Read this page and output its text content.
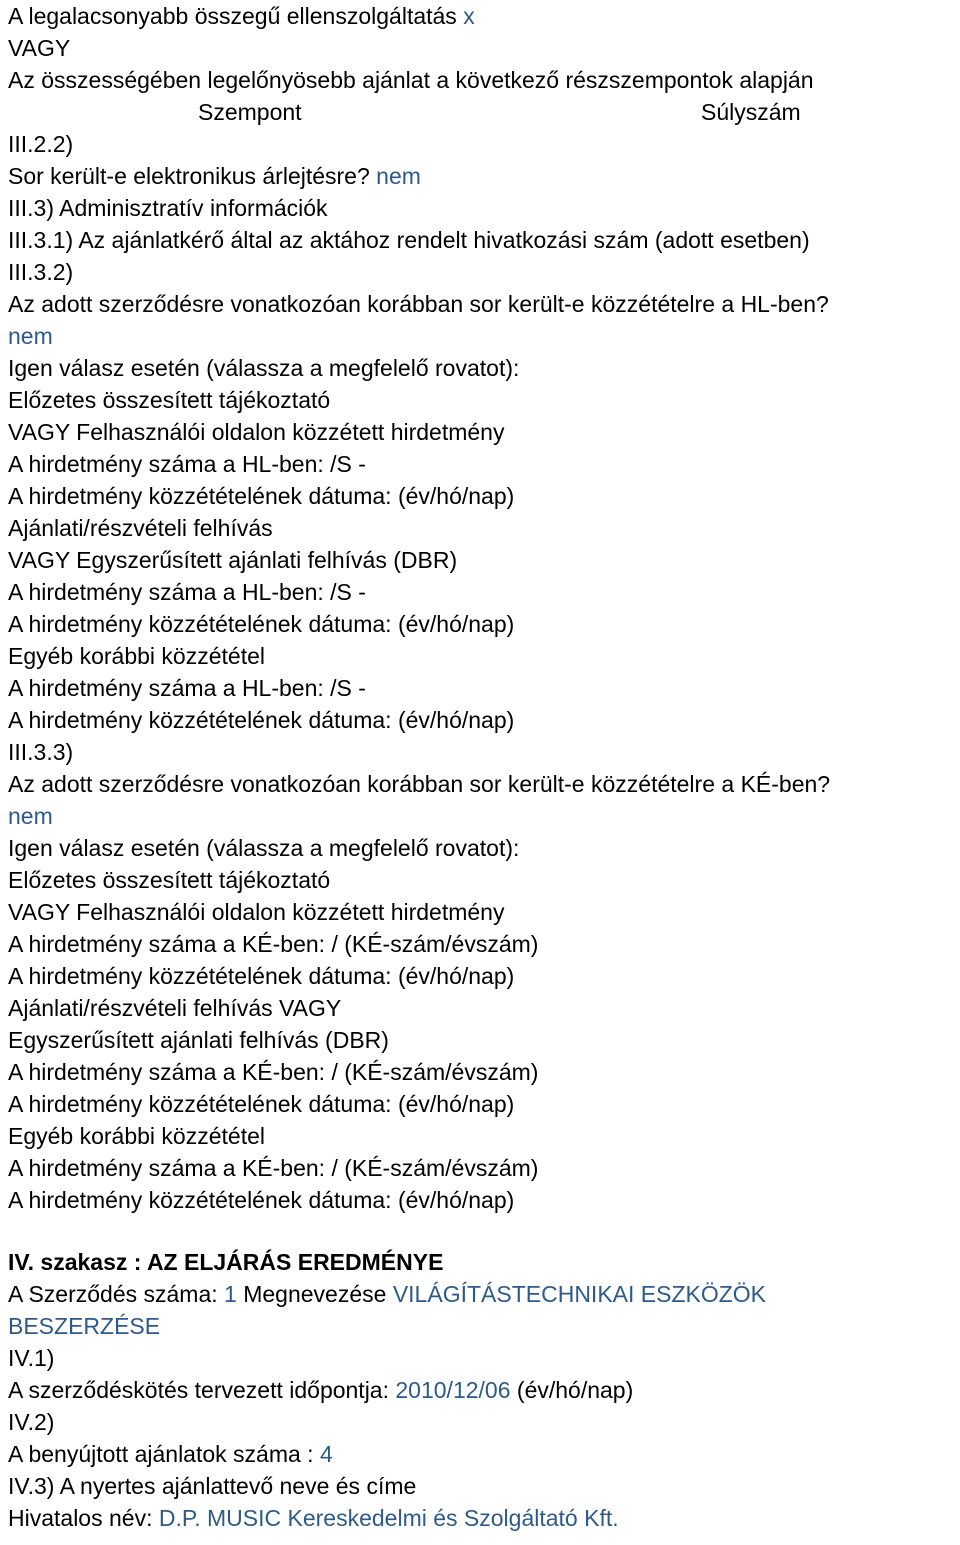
A legalacsonyabb összegű ellenszolgáltatás x
VAGY
Az összességében legelőnyösebb ajánlat a következő részszempontok alapján
Szempont	Súlyszám
III.2.2)
Sor került-e elektronikus árlejtésre? nem
III.3) Adminisztratív információk
III.3.1) Az ajánlatkérő által az aktához rendelt hivatkozási szám (adott esetben)
III.3.2)
Az adott szerződésre vonatkozóan korábban sor került-e közzétételre a HL-ben?
nem
Igen válasz esetén (válassza a megfelelő rovatot):
Előzetes összesített tájékoztató
VAGY Felhasználói oldalon közzétett hirdetmény
A hirdetmény száma a HL-ben: /S -
A hirdetmény közzétételének dátuma: (év/hó/nap)
Ajánlati/részvételi felhívás
VAGY Egyszerűsített ajánlati felhívás (DBR)
A hirdetmény száma a HL-ben: /S -
A hirdetmény közzétételének dátuma: (év/hó/nap)
Egyéb korábbi közzététel
A hirdetmény száma a HL-ben: /S -
A hirdetmény közzétételének dátuma: (év/hó/nap)
III.3.3)
Az adott szerződésre vonatkozóan korábban sor került-e közzétételre a KÉ-ben?
nem
Igen válasz esetén (válassza a megfelelő rovatot):
Előzetes összesített tájékoztató
VAGY Felhasználói oldalon közzétett hirdetmény
A hirdetmény száma a KÉ-ben: / (KÉ-szám/évszám)
A hirdetmény közzétételének dátuma: (év/hó/nap)
Ajánlati/részvételi felhívás VAGY
Egyszerűsített ajánlati felhívás (DBR)
A hirdetmény száma a KÉ-ben: / (KÉ-szám/évszám)
A hirdetmény közzétételének dátuma: (év/hó/nap)
Egyéb korábbi közzététel
A hirdetmény száma a KÉ-ben: / (KÉ-szám/évszám)
A hirdetmény közzétételének dátuma: (év/hó/nap)
IV. szakasz : AZ ELJÁRÁS EREDMÉNYE
A Szerződés száma: 1 Megnevezése VILÁGÍTÁSTECHNIKAI ESZKÖZÖK BESZERZÉSE
IV.1)
A szerződéskötés tervezett időpontja: 2010/12/06 (év/hó/nap)
IV.2)
A benyújtott ajánlatok száma : 4
IV.3) A nyertes ajánlattevő neve és címe
Hivatalos név: D.P. MUSIC Kereskedelmi és Szolgáltató Kft.
